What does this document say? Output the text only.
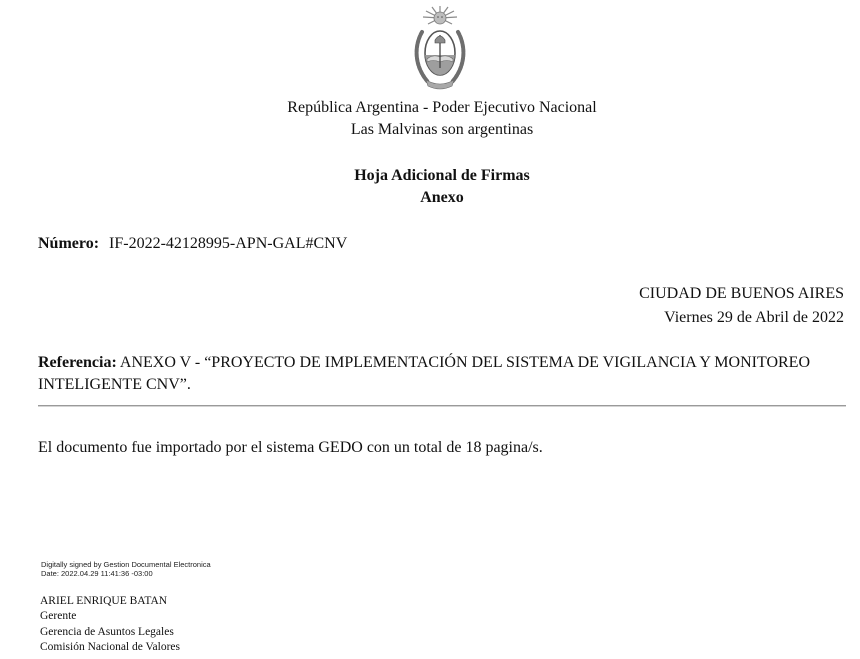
República Argentina - Poder Ejecutivo Nacional
Las Malvinas son argentinas
Hoja Adicional de Firmas
Anexo
Número: IF-2022-42128995-APN-GAL#CNV
CIUDAD DE BUENOS AIRES
Viernes 29 de Abril de 2022
Referencia: ANEXO V - “PROYECTO DE IMPLEMENTACIÓN DEL SISTEMA DE VIGILANCIA Y MONITOREO INTELIGENTE CNV”.
El documento fue importado por el sistema GEDO con un total de 18 pagina/s.
Digitally signed by Gestion Documental Electronica
Date: 2022.04.29 11:41:36 -03:00
ARIEL ENRIQUE BATAN
Gerente
Gerencia de Asuntos Legales
Comisión Nacional de Valores
